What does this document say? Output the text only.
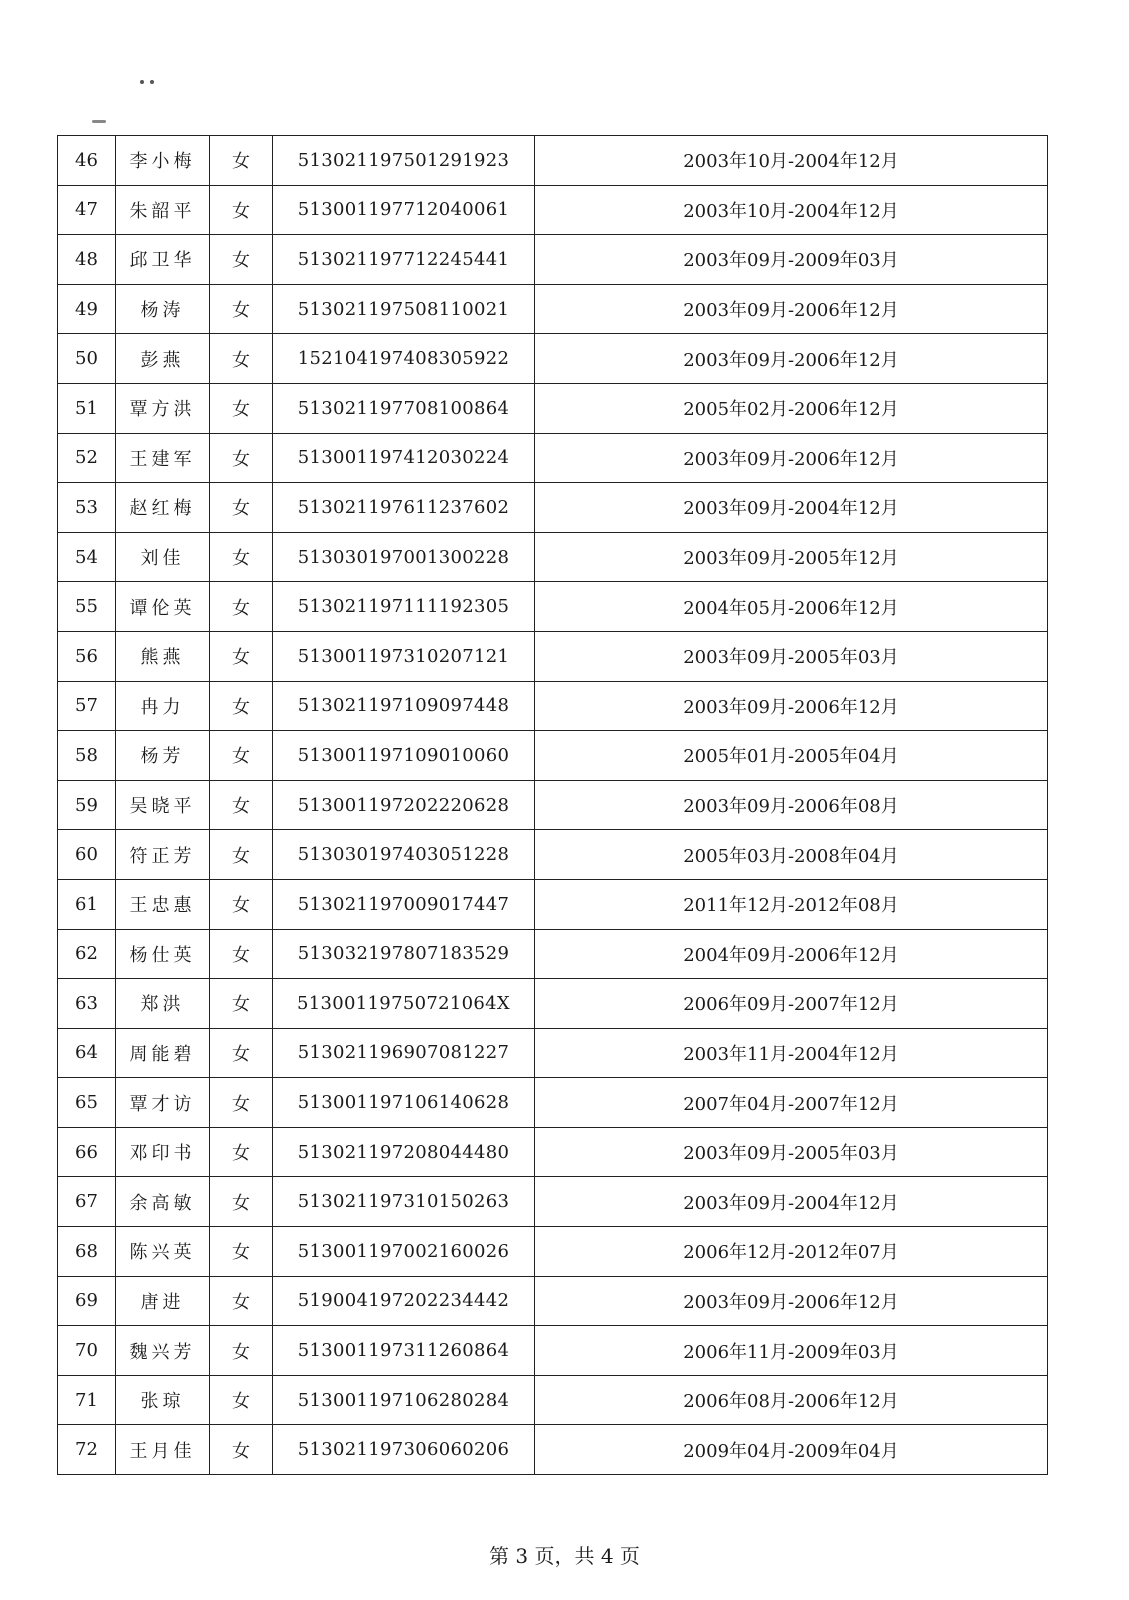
46	李小梅	女	513021197501291923	2003年10月-2004年12月
47	朱韶平	女	513001197712040061	2003年10月-2004年12月
48	邱卫华	女	513021197712245441	2003年09月-2009年03月
49	杨涛	女	513021197508110021	2003年09月-2006年12月
50	彭燕	女	152104197408305922	2003年09月-2006年12月
51	覃方洪	女	513021197708100864	2005年02月-2006年12月
52	王建军	女	513001197412030224	2003年09月-2006年12月
53	赵红梅	女	513021197611237602	2003年09月-2004年12月
54	刘佳	女	513030197001300228	2003年09月-2005年12月
55	谭伦英	女	513021197111192305	2004年05月-2006年12月
56	熊燕	女	513001197310207121	2003年09月-2005年03月
57	冉力	女	513021197109097448	2003年09月-2006年12月
58	杨芳	女	513001197109010060	2005年01月-2005年04月
59	吴晓平	女	513001197202220628	2003年09月-2006年08月
60	符正芳	女	513030197403051228	2005年03月-2008年04月
61	王忠惠	女	513021197009017447	2011年12月-2012年08月
62	杨仕英	女	513032197807183529	2004年09月-2006年12月
63	郑洪	女	51300119750721064X	2006年09月-2007年12月
64	周能碧	女	513021196907081227	2003年11月-2004年12月
65	覃才访	女	513001197106140628	2007年04月-2007年12月
66	邓印书	女	513021197208044480	2003年09月-2005年03月
67	余高敏	女	513021197310150263	2003年09月-2004年12月
68	陈兴英	女	513001197002160026	2006年12月-2012年07月
69	唐进	女	519004197202234442	2003年09月-2006年12月
70	魏兴芳	女	513001197311260864	2006年11月-2009年03月
71	张琼	女	513001197106280284	2006年08月-2006年12月
72	王月佳	女	513021197306060206	2009年04月-2009年04月
第 3 页，共 4 页
